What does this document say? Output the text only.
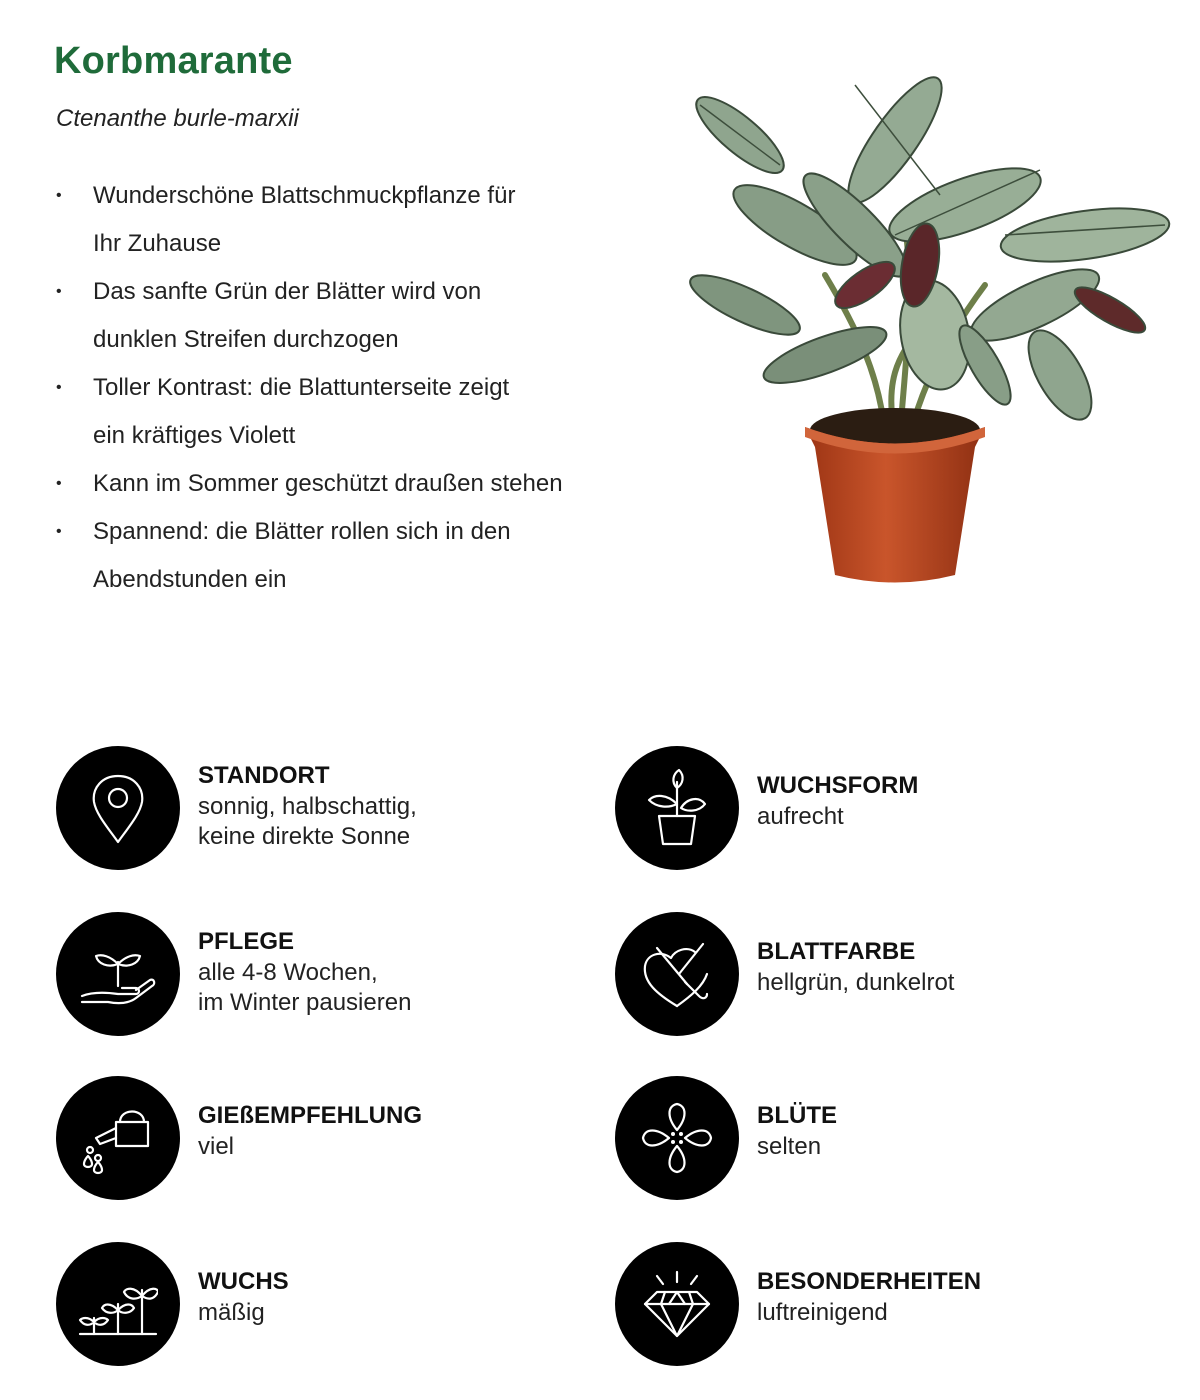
Korbmarante
Ctenanthe burle-marxii
• Wunderschöne Blattschmuckpflanze für Ihr Zuhause
• Das sanfte Grün der Blätter wird von dunklen Streifen durchzogen
• Toller Kontrast: die Blattunterseite zeigt ein kräftiges Violett
• Kann im Sommer geschützt draußen stehen
• Spannend: die Blätter rollen sich in den Abendstunden ein
STANDORT
sonnig, halbschattig,
keine direkte Sonne
WUCHSFORM
aufrecht
PFLEGE
alle 4-8 Wochen,
im Winter pausieren
BLATTFARBE
hellgrün, dunkelrot
GIEßEMPFEHLUNG
viel
BLÜTE
selten
WUCHS
mäßig
BESONDERHEITEN
luftreinigend
